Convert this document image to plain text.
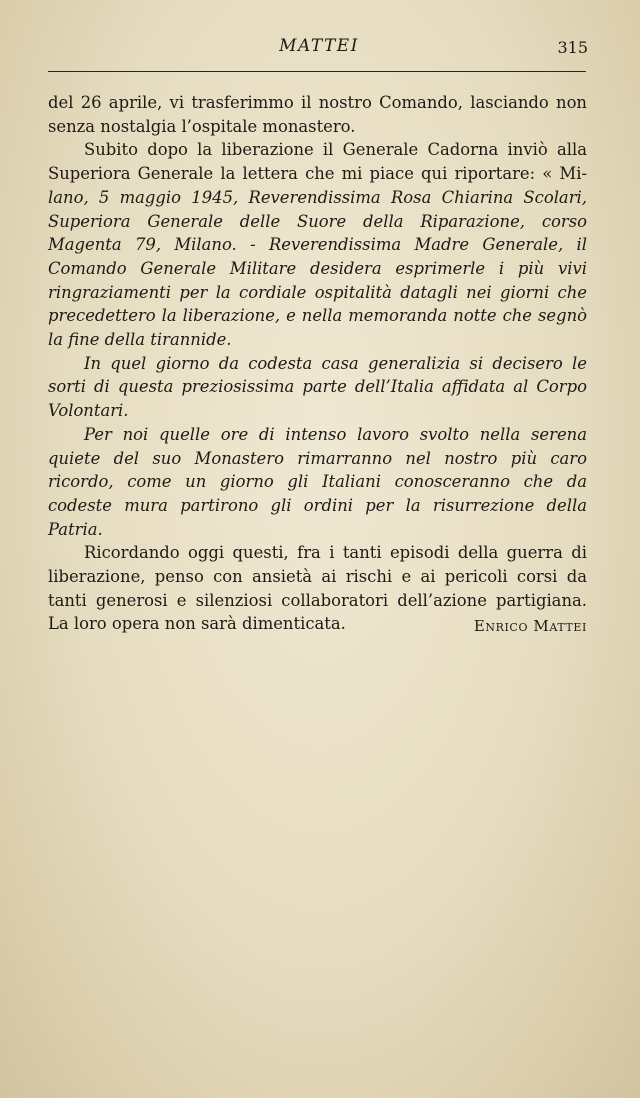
MATTEI	315

del 26 aprile, vi trasferimmo il nostro Comando, lasciando non senza nostalgia l’ospitale monastero.

Subito dopo la liberazione il Generale Cadorna inviò alla Superiora Generale la lettera che mi piace qui riportare: « Mi-lano, 5 maggio 1945, Reverendissima Rosa Chiarina Scolari, Superiora Generale delle Suore della Riparazione, corso Magenta 79, Milano. - Reverendissima Madre Generale, il Comando Generale Militare desidera esprimerle i più vivi ringraziamenti per la cordiale ospitalità datagli nei giorni che precedettero la liberazione, e nella memoranda notte che segnò la fine della tirannide.

In quel giorno da codesta casa generalizia si decisero le sorti di questa preziosissima parte dell’Italia affidata al Corpo Volontari.

Per noi quelle ore di intenso lavoro svolto nella serena quiete del suo Monastero rimarranno nel nostro più caro ricordo, come un giorno gli Italiani conosceranno che da codeste mura partirono gli ordini per la risurrezione della Patria.

Ricordando oggi questi, fra i tanti episodi della guerra di liberazione, penso con ansietà ai rischi e ai pericoli corsi da tanti generosi e silenziosi collaboratori dell’azione partigiana. La loro opera non sarà dimenticata.	Enrico Mattei
